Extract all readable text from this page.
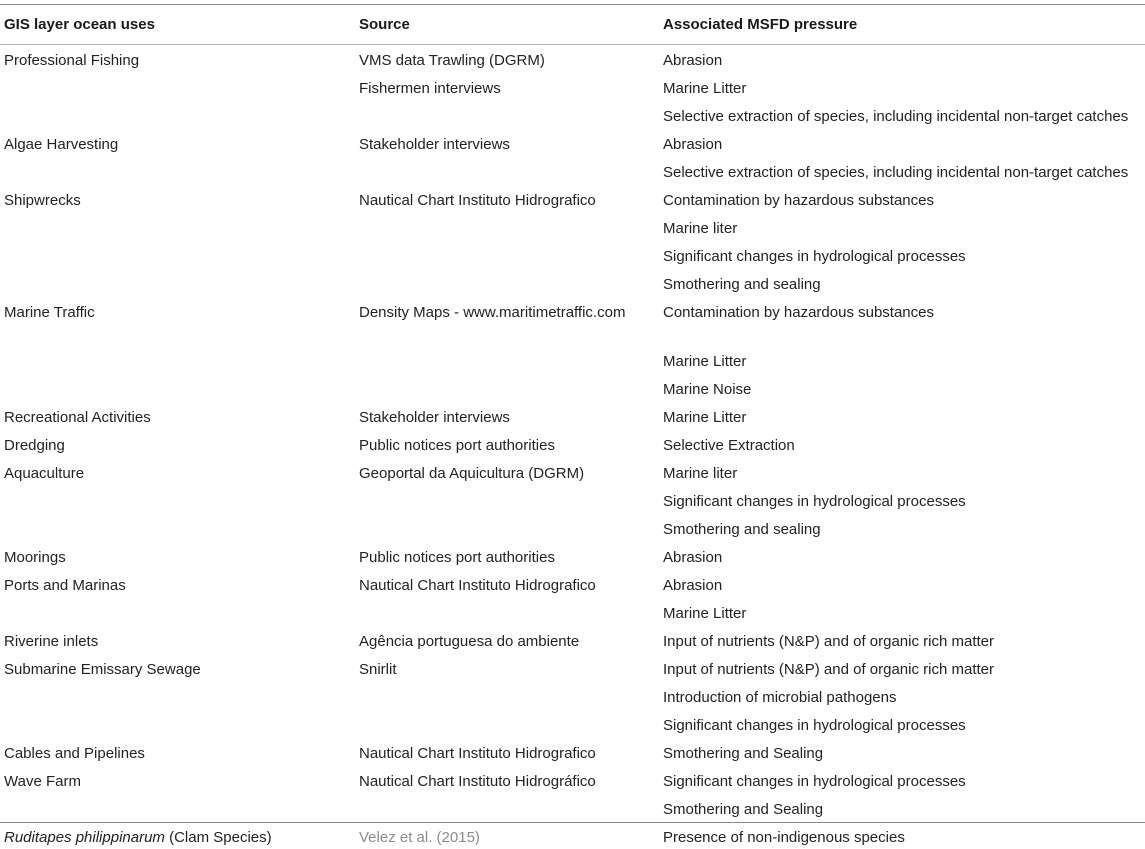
GIS layer ocean uses	Source	Associated MSFD pressure

Professional Fishing	VMS data Trawling (DGRM)	Abrasion

	Fishermen interviews	Marine Litter

		Selective extraction of species, including incidental non-target catches

Algae Harvesting	Stakeholder interviews	Abrasion

		Selective extraction of species, including incidental non-target catches

Shipwrecks	Nautical Chart Instituto Hidrografico	Contamination by hazardous substances

		Marine liter

		Significant changes in hydrological processes

		Smothering and sealing

Marine Traffic	Density Maps - www.maritimetraffic.com	Contamination by hazardous substances

		Marine Litter

		Marine Noise

Recreational Activities	Stakeholder interviews	Marine Litter

Dredging	Public notices port authorities	Selective Extraction

Aquaculture	Geoportal da Aquicultura (DGRM)	Marine liter

		Significant changes in hydrological processes

		Smothering and sealing

Moorings	Public notices port authorities	Abrasion

Ports and Marinas	Nautical Chart Instituto Hidrografico	Abrasion

		Marine Litter

Riverine inlets	Agência portuguesa do ambiente	Input of nutrients (N&P) and of organic rich matter

Submarine Emissary Sewage	Snirlit	Input of nutrients (N&P) and of organic rich matter

		Introduction of microbial pathogens

		Significant changes in hydrological processes

Cables and Pipelines	Nautical Chart Instituto Hidrografico	Smothering and Sealing

Wave Farm	Nautical Chart Instituto Hidrográfico	Significant changes in hydrological processes

		Smothering and Sealing

Ruditapes philippinarum (Clam Species)	Velez et al. (2015)	Presence of non-indigenous species
